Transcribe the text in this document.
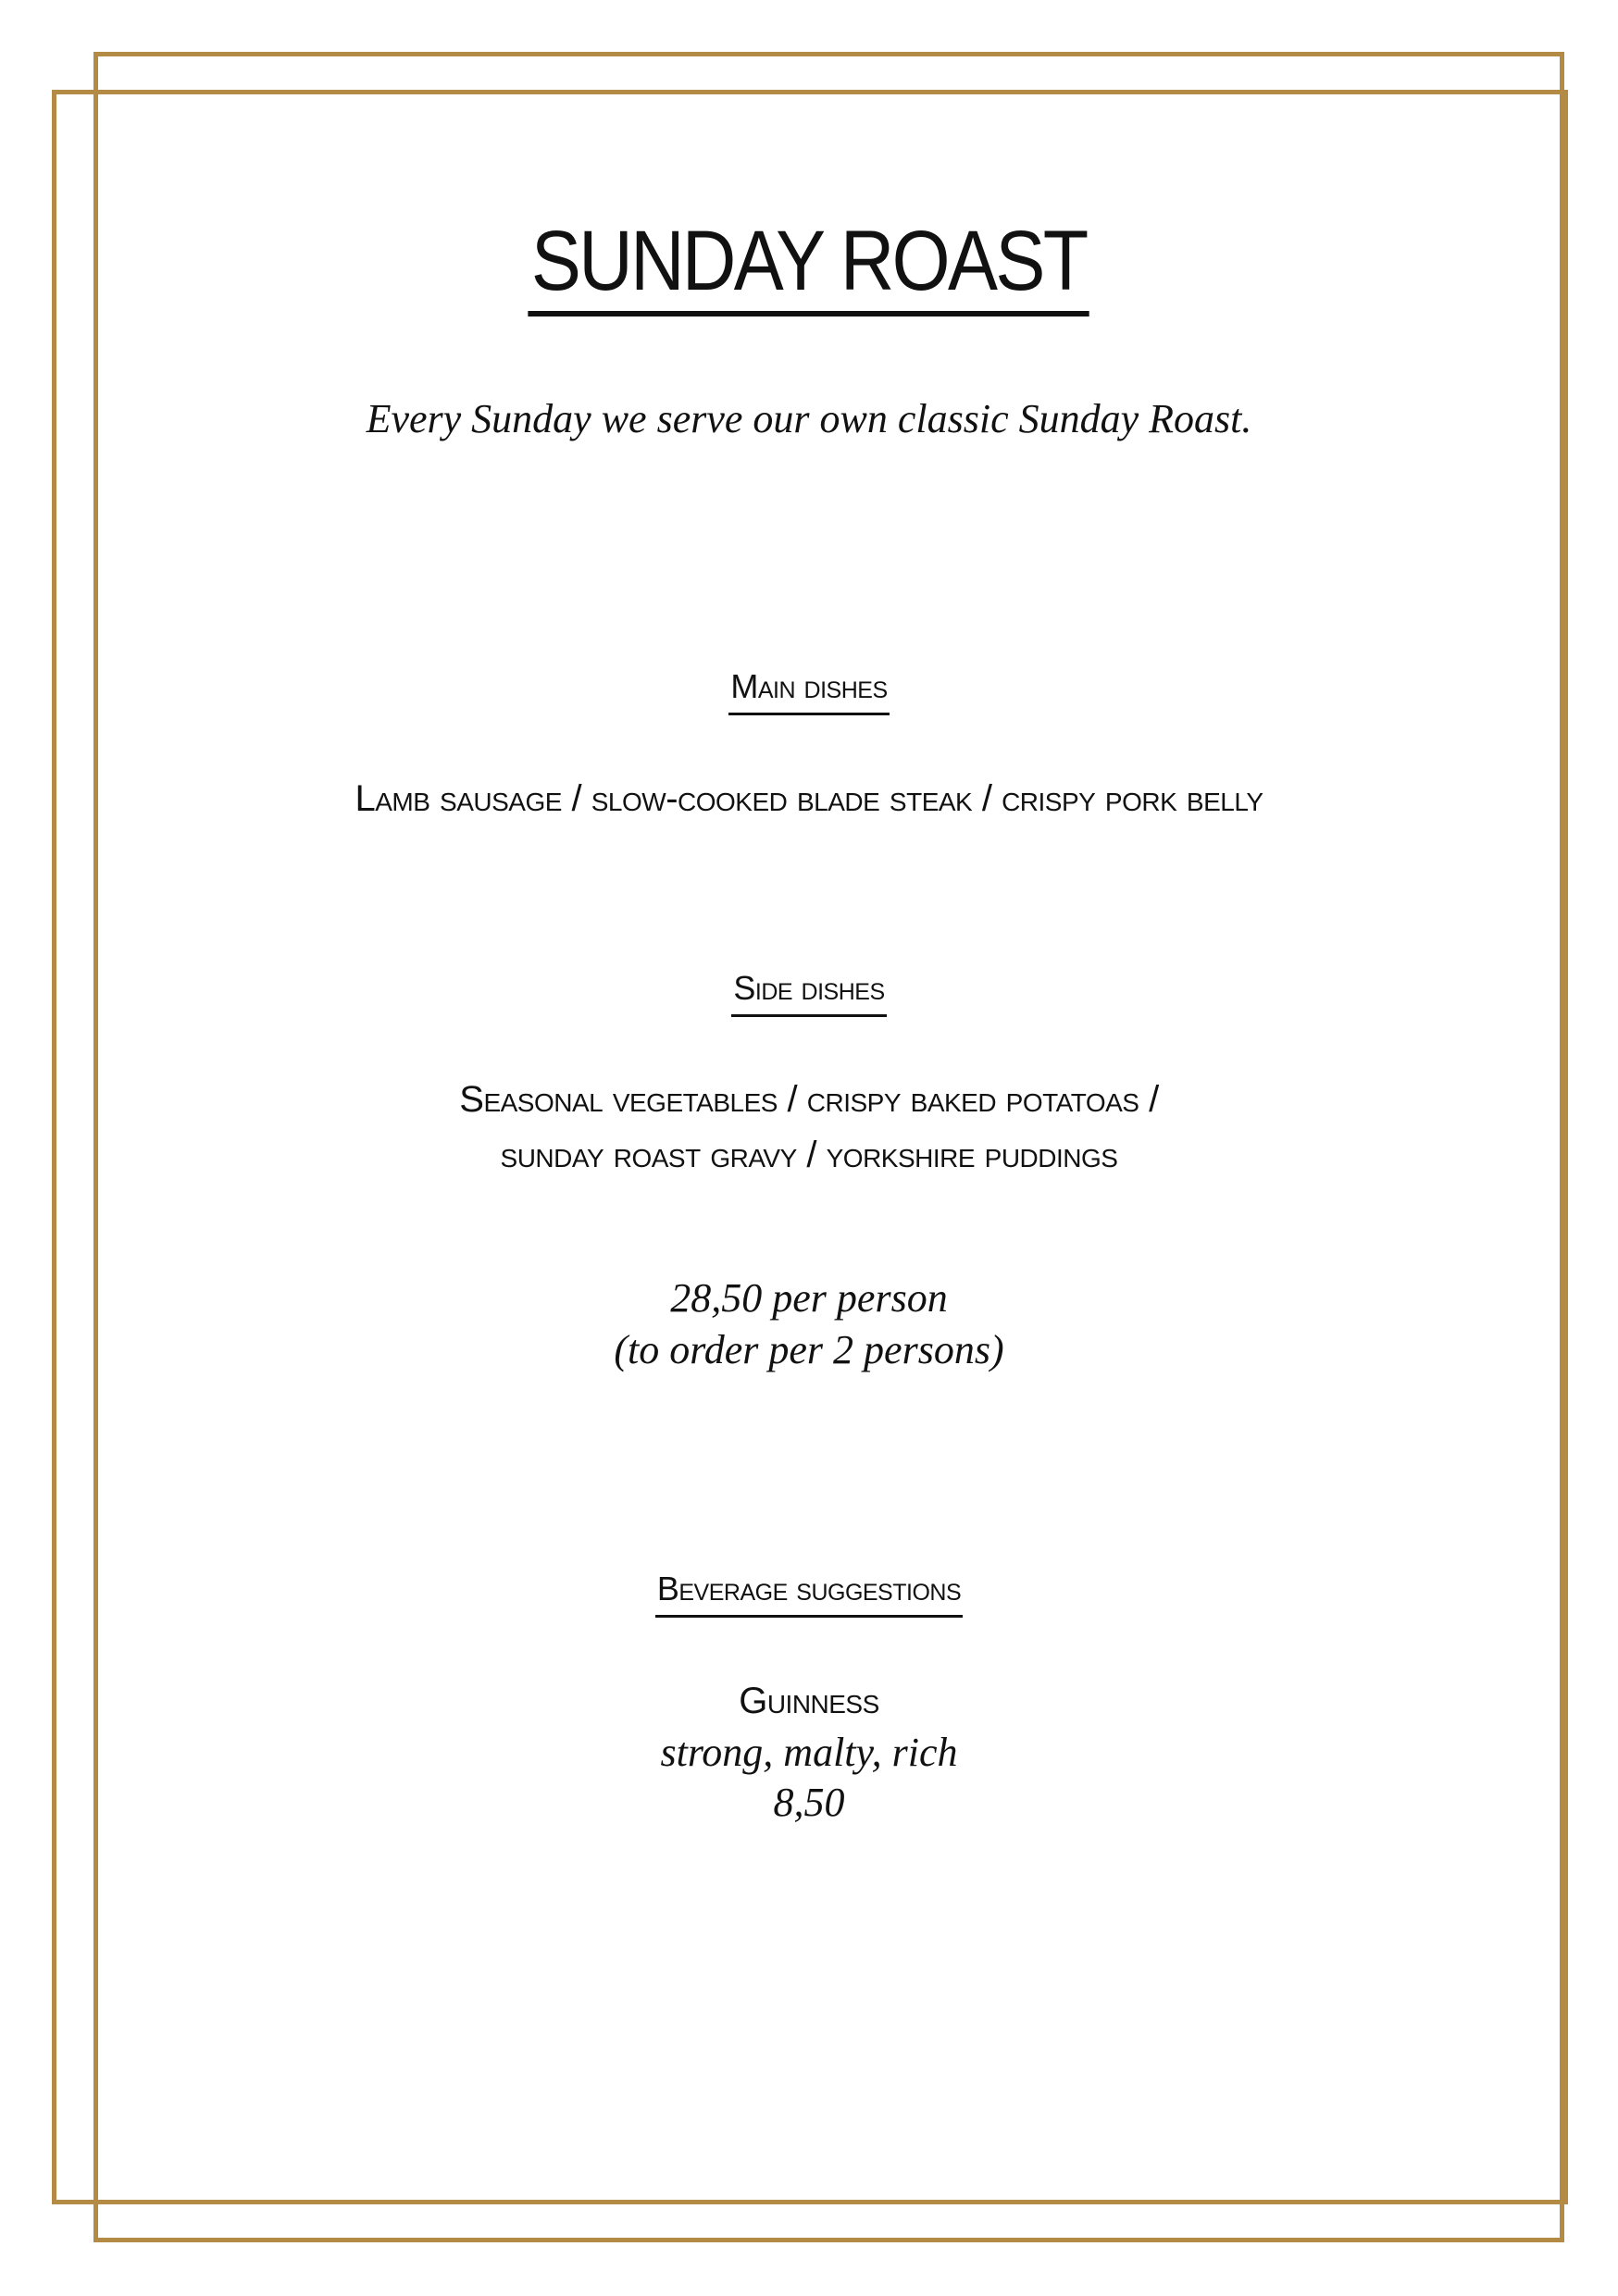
SUNDAY ROAST
Every Sunday we serve our own classic Sunday Roast.
Main dishes
Lamb sausage / slow-cooked blade steak / crispy pork belly
Side dishes
Seasonal vegetables / crispy baked potatoas /
sunday roast gravy / yorkshire puddings
28,50 per person
(to order per 2 persons)
Beverage suggestions
Guinness
strong, malty, rich
8,50
